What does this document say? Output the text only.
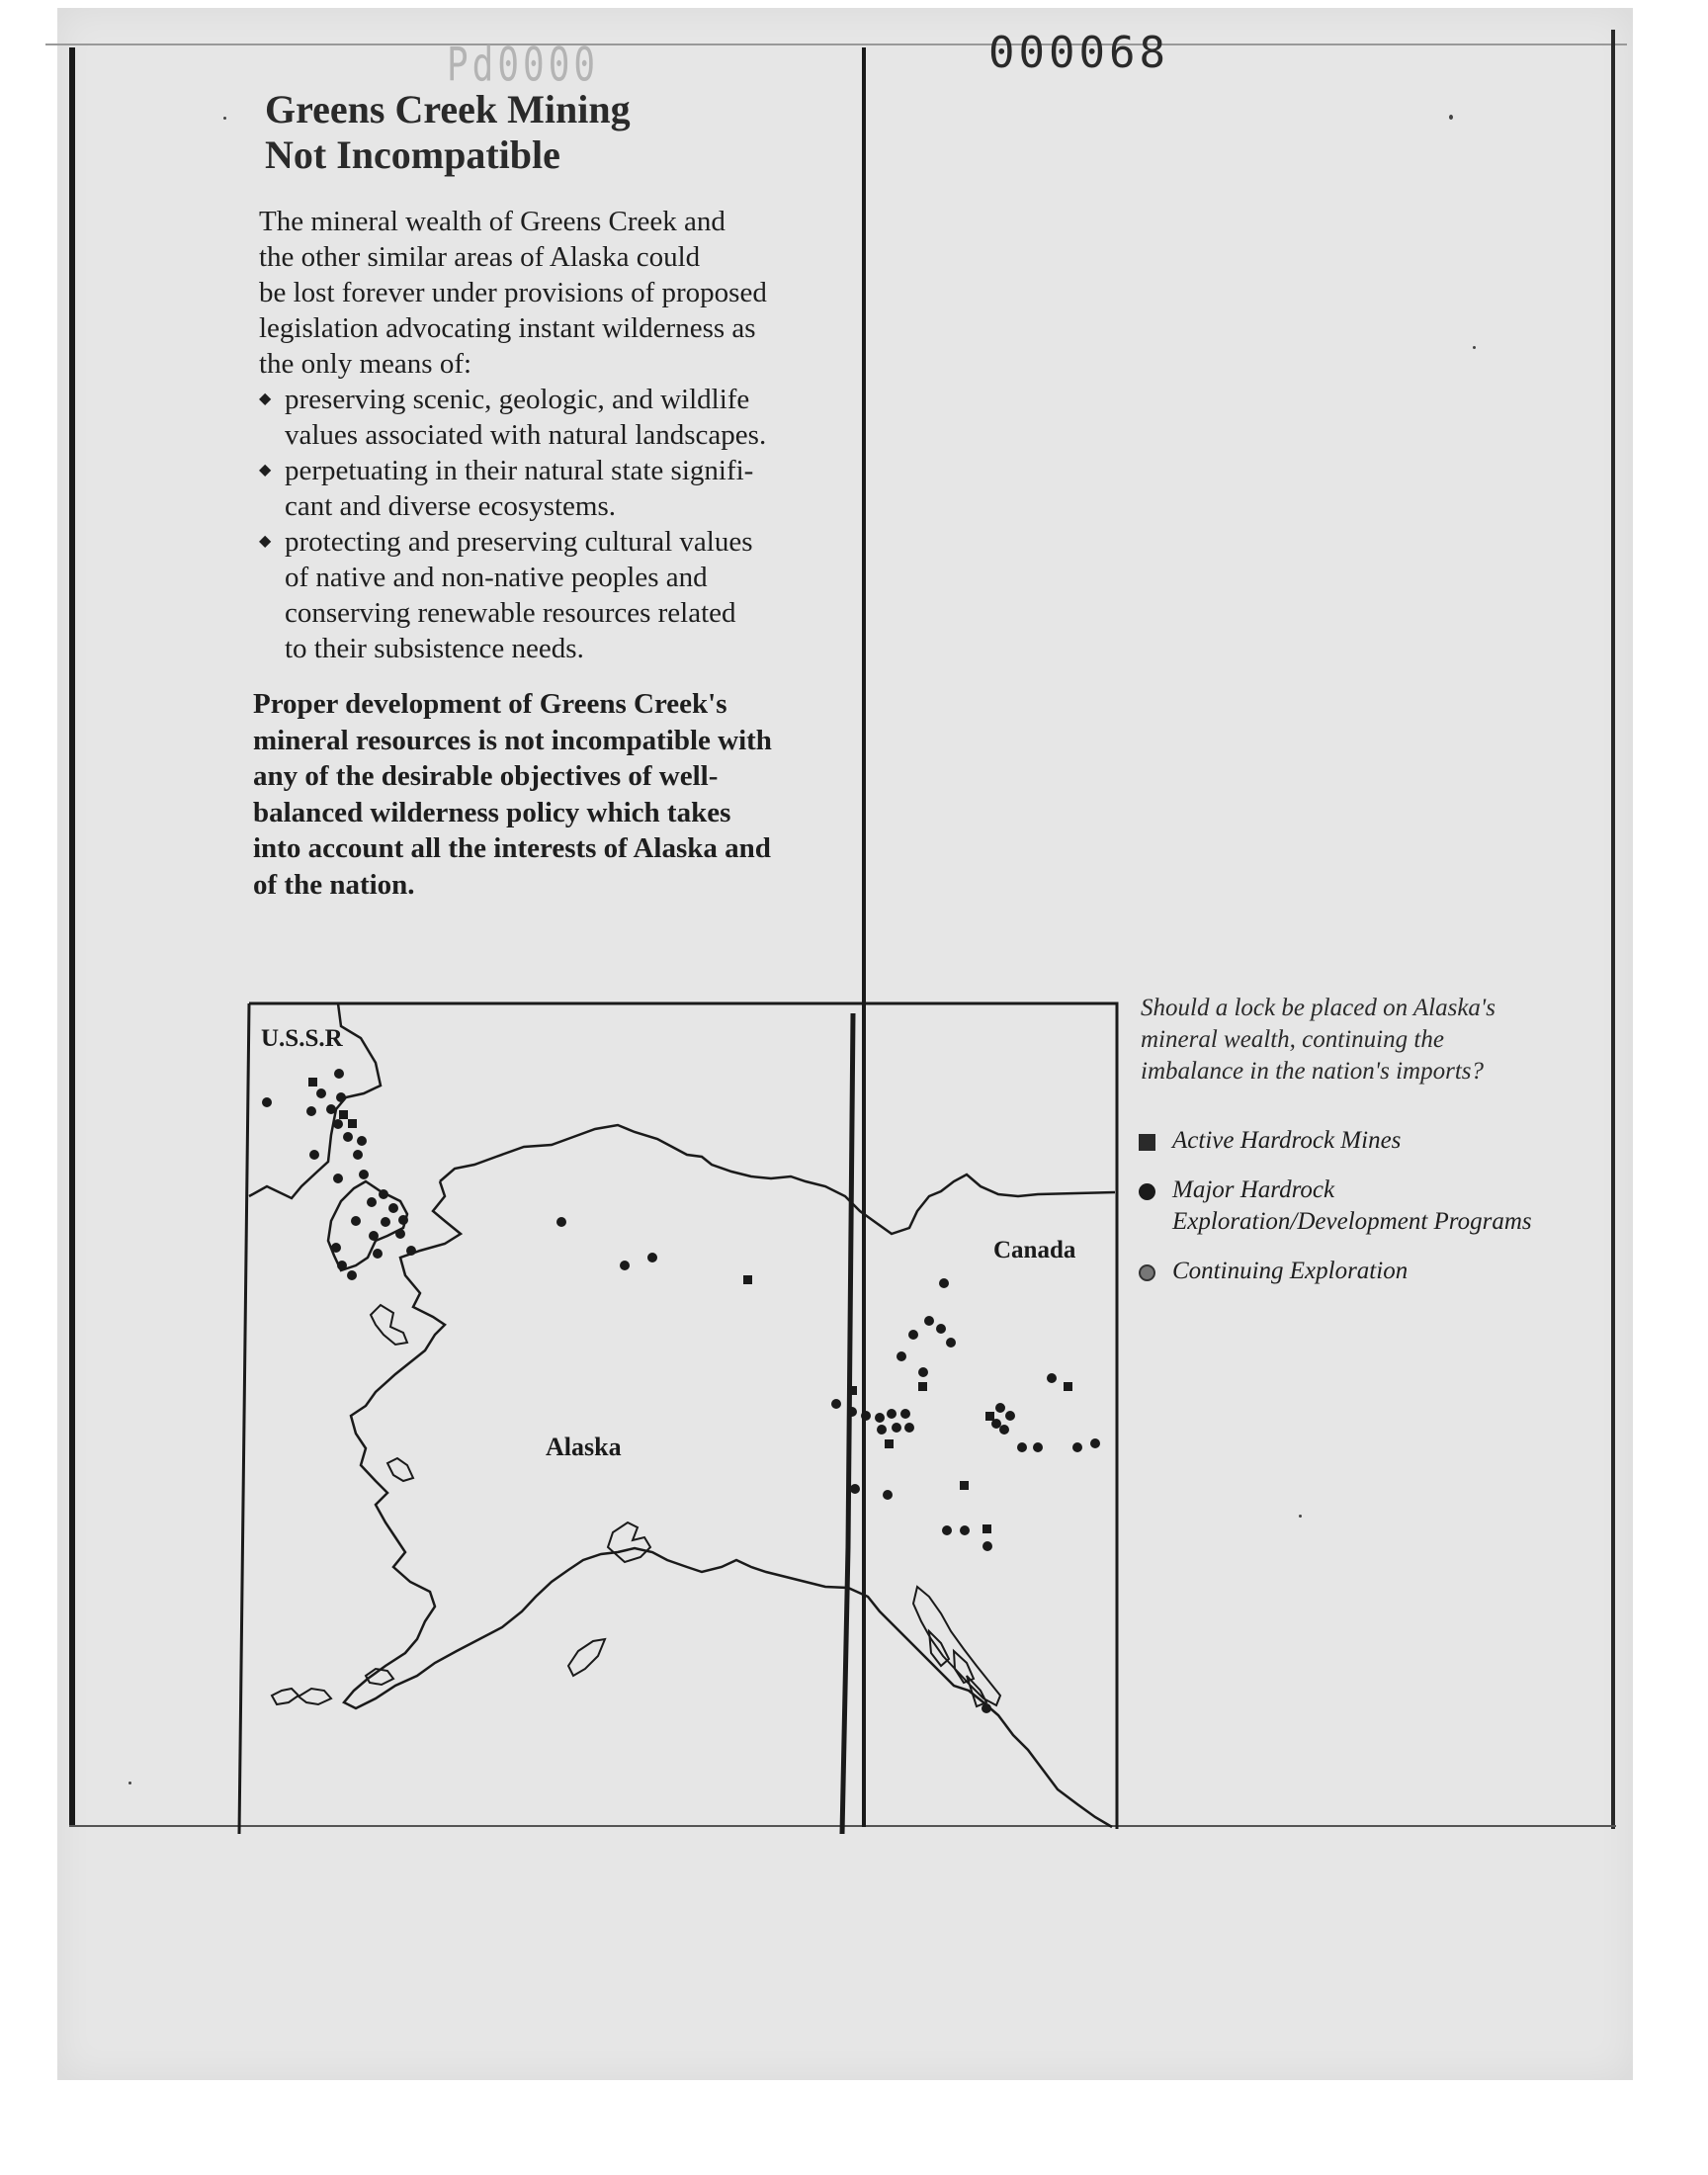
Pd0000	000068
Greens Creek Mining
Not Incompatible

The mineral wealth of Greens Creek and
the other similar areas of Alaska could
be lost forever under provisions of proposed
legislation advocating instant wilderness as
the only means of:

◆ preserving scenic, geologic, and wildlife
values associated with natural landscapes.
◆ perpetuating in their natural state signifi-
cant and diverse ecosystems.
◆ protecting and preserving cultural values
of native and non-native peoples and
conserving renewable resources related
to their subsistence needs.

Proper development of Greens Creek's
mineral resources is not incompatible with
any of the desirable objectives of well-
balanced wilderness policy which takes
into account all the interests of Alaska and
of the nation.

U.S.S.R
Alaska
Canada

Should a lock be placed on Alaska's
mineral wealth, continuing the
imbalance in the nation's imports?

Active Hardrock Mines
Major Hardrock
Exploration/Development Programs
Continuing Exploration
